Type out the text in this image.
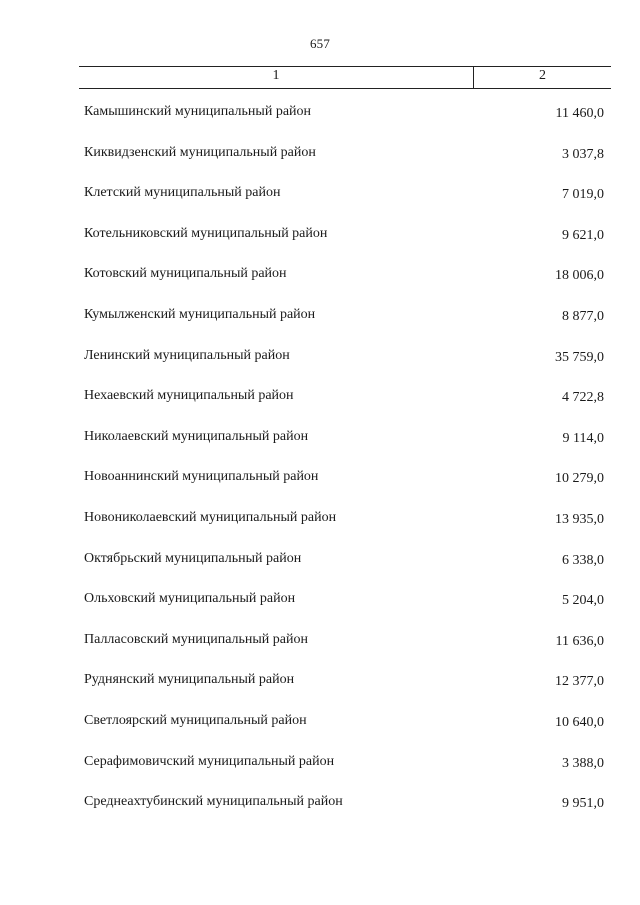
657
1	2
Камышинский муниципальный район	11 460,0
Киквидзенский муниципальный район	3 037,8
Клетский муниципальный район	7 019,0
Котельниковский муниципальный район	9 621,0
Котовский муниципальный район	18 006,0
Кумылженский муниципальный район	8 877,0
Ленинский муниципальный район	35 759,0
Нехаевский муниципальный район	4 722,8
Николаевский муниципальный район	9 114,0
Новоаннинский муниципальный район	10 279,0
Новониколаевский муниципальный район	13 935,0
Октябрьский муниципальный район	6 338,0
Ольховский муниципальный район	5 204,0
Палласовский муниципальный район	11 636,0
Руднянский муниципальный район	12 377,0
Светлоярский муниципальный район	10 640,0
Серафимовичский муниципальный район	3 388,0
Среднеахтубинский муниципальный район	9 951,0
